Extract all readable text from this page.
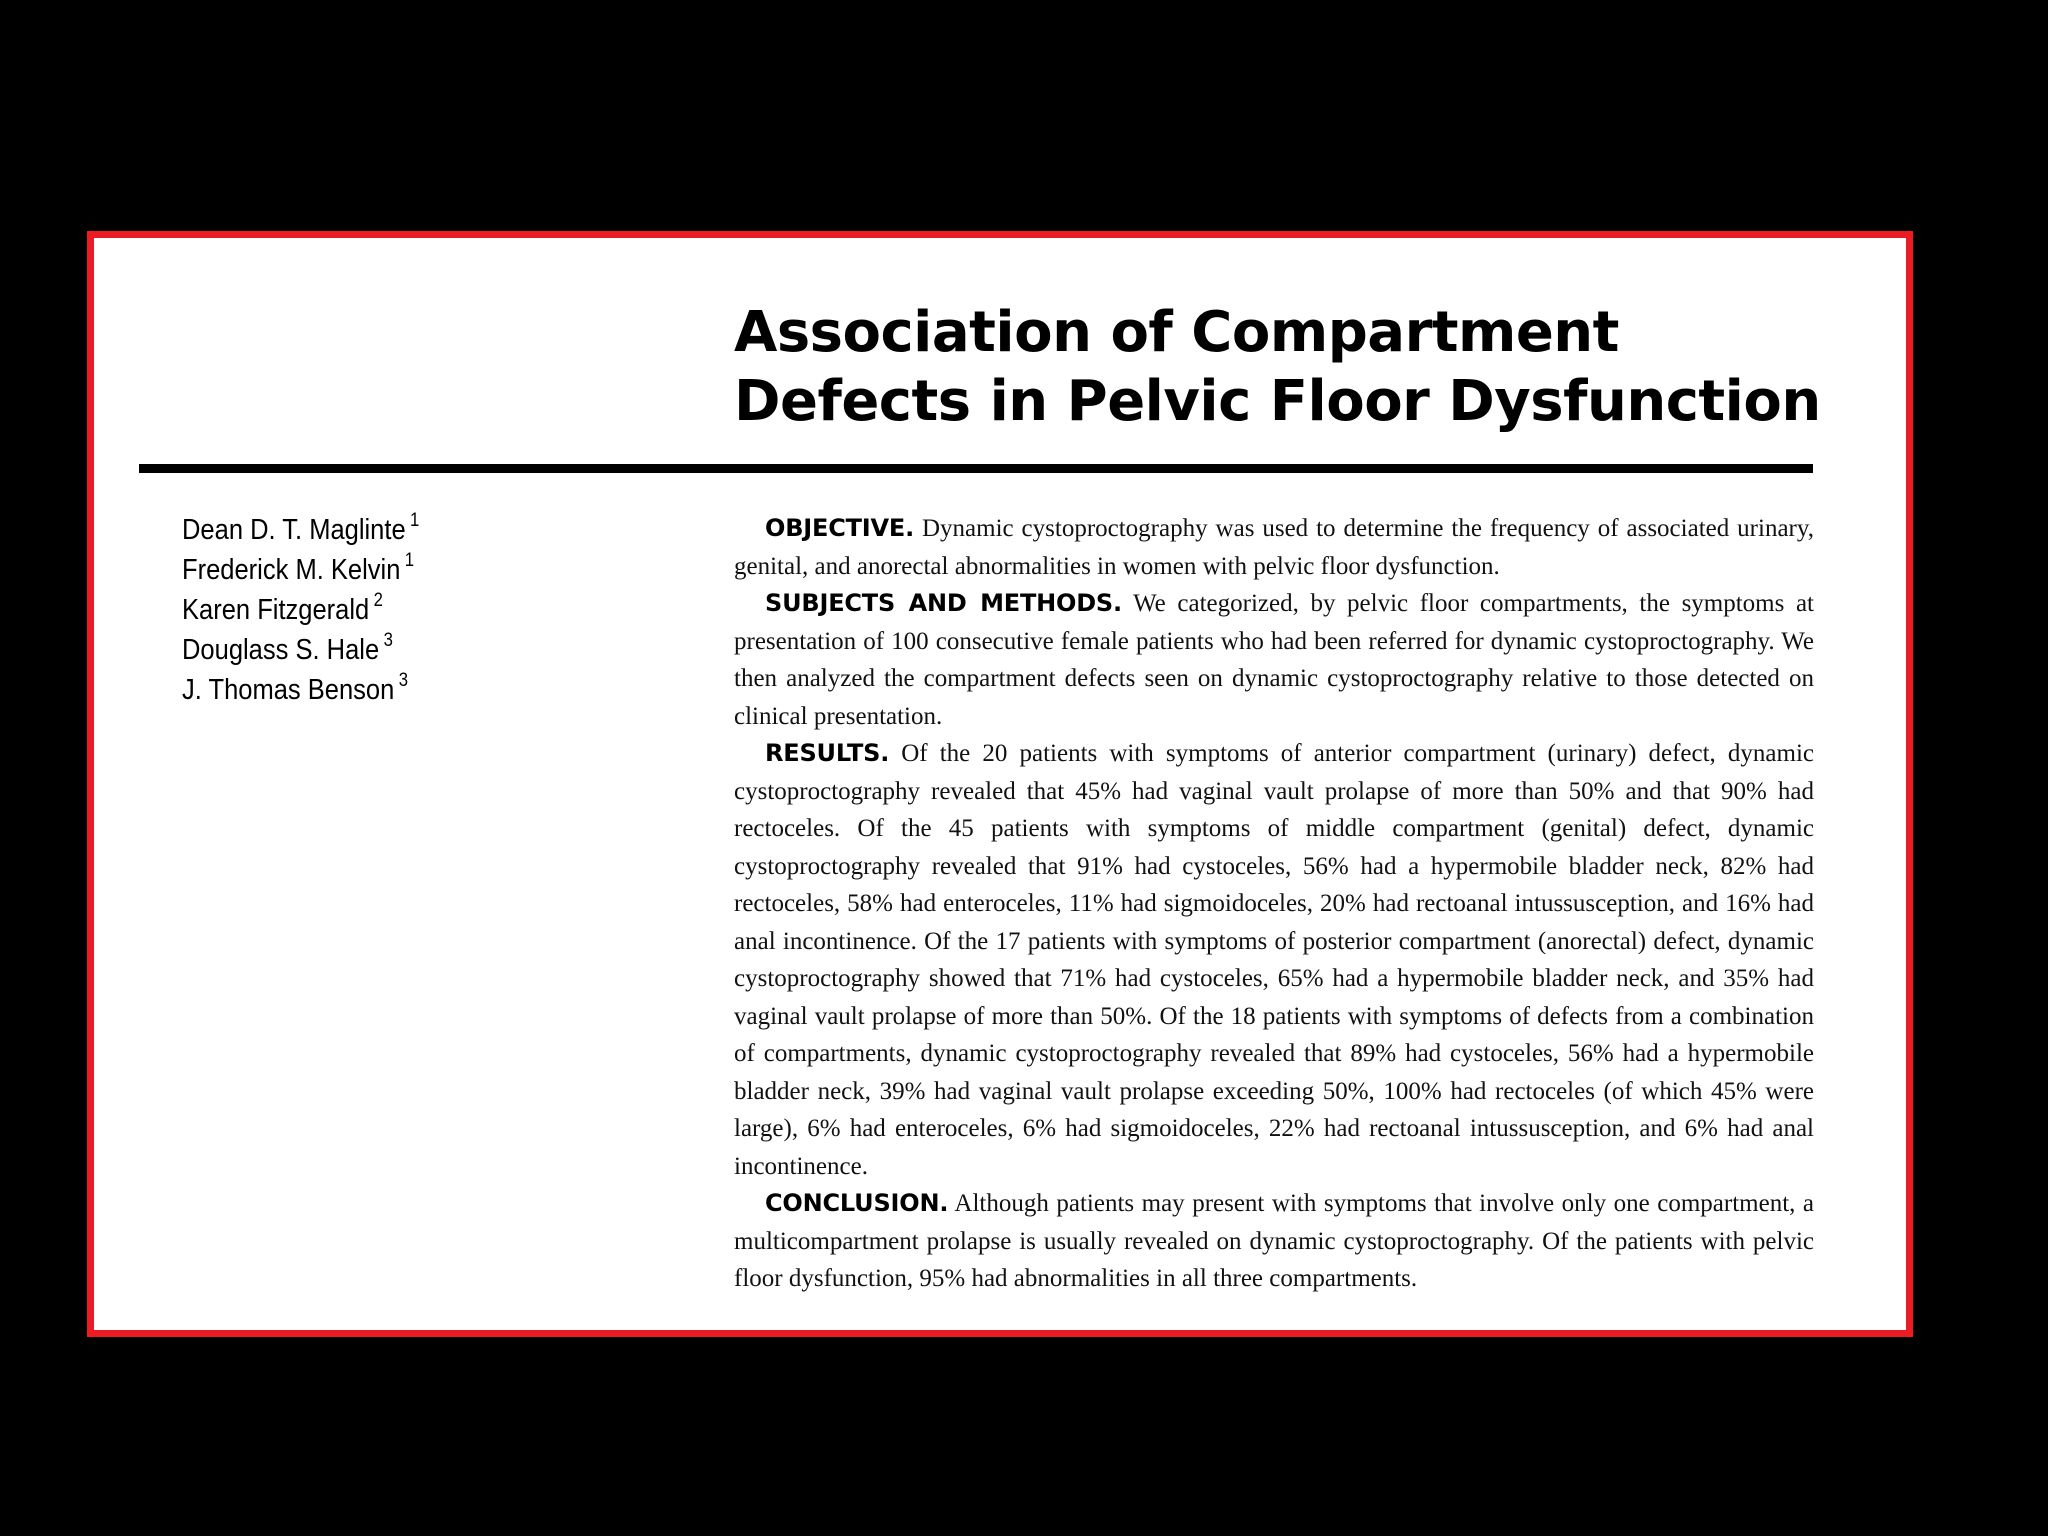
Association of Compartment
Defects in Pelvic Floor Dysfunction
Dean D. T. Maglinte $^1$
Frederick M. Kelvin $^1$
Karen Fitzgerald $^2$
Douglass S. Hale $^3$
J. Thomas Benson $^3$

OBJECTIVE. Dynamic cystoproctography was used to determine the frequency of associated urinary, genital, and anorectal abnormalities in women with pelvic floor dysfunction.

SUBJECTS AND METHODS. We categorized, by pelvic floor compartments, the symptoms at presentation of 100 consecutive female patients who had been referred for dynamic cystoproctography. We then analyzed the compartment defects seen on dynamic cystoproctography relative to those detected on clinical presentation.

RESULTS. Of the 20 patients with symptoms of anterior compartment (urinary) defect, dynamic cystoproctography revealed that 45% had vaginal vault prolapse of more than 50% and that 90% had rectoceles. Of the 45 patients with symptoms of middle compartment (genital) defect, dynamic cystoproctography revealed that 91% had cystoceles, 56% had a hypermobile bladder neck, 82% had rectoceles, 58% had enteroceles, 11% had sigmoidoceles, 20% had rectoanal intussusception, and 16% had anal incontinence. Of the 17 patients with symptoms of posterior compartment (anorectal) defect, dynamic cystoproctography showed that 71% had cystoceles, 65% had a hypermobile bladder neck, and 35% had vaginal vault prolapse of more than 50%. Of the 18 patients with symptoms of defects from a combination of compartments, dynamic cystoproctography revealed that 89% had cystoceles, 56% had a hypermobile bladder neck, 39% had vaginal vault prolapse exceeding 50%, 100% had rectoceles (of which 45% were large), 6% had enteroceles, 6% had sigmoidoceles, 22% had rectoanal intussusception, and 6% had anal incontinence.

CONCLUSION. Although patients may present with symptoms that involve only one compartment, a multicompartment prolapse is usually revealed on dynamic cystoproctography. Of the patients with pelvic floor dysfunction, 95% had abnormalities in all three compartments.
